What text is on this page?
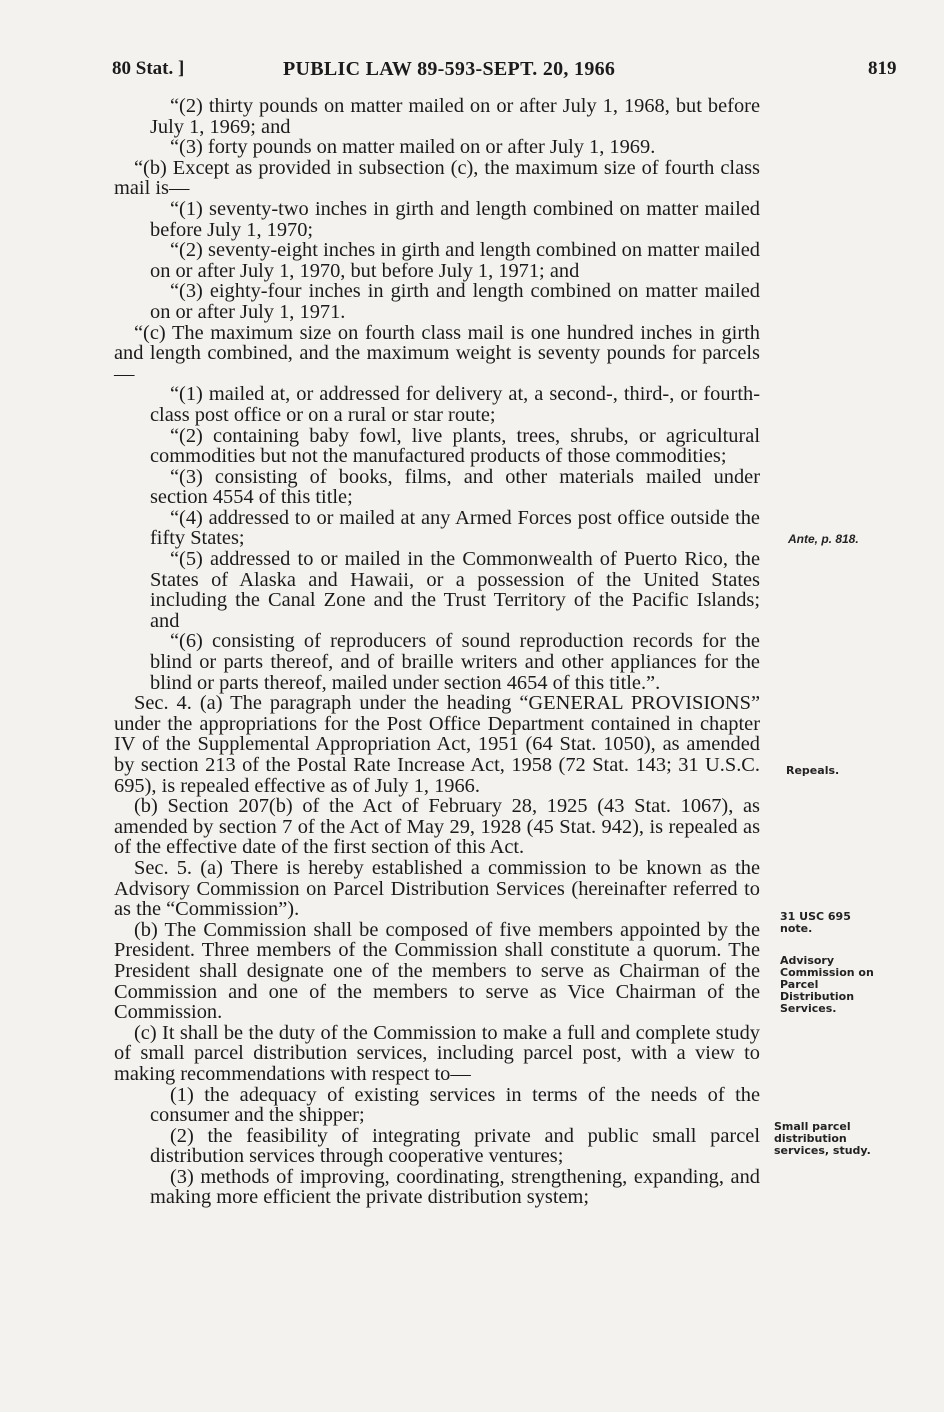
80 Stat. ]	PUBLIC LAW 89-593-SEPT. 20, 1966	819

“(2) thirty pounds on matter mailed on or after July 1, 1968, but before July 1, 1969; and

“(3) forty pounds on matter mailed on or after July 1, 1969.

“(b) Except as provided in subsection (c), the maximum size of fourth class mail is—

“(1) seventy-two inches in girth and length combined on matter mailed before July 1, 1970;

“(2) seventy-eight inches in girth and length combined on matter mailed on or after July 1, 1970, but before July 1, 1971; and

“(3) eighty-four inches in girth and length combined on matter mailed on or after July 1, 1971.

“(c) The maximum size on fourth class mail is one hundred inches in girth and length combined, and the maximum weight is seventy pounds for parcels—

“(1) mailed at, or addressed for delivery at, a second-, third-, or fourth-class post office or on a rural or star route;

“(2) containing baby fowl, live plants, trees, shrubs, or agricultural commodities but not the manufactured products of those commodities;

“(3) consisting of books, films, and other materials mailed under section 4554 of this title;

“(4) addressed to or mailed at any Armed Forces post office outside the fifty States;

“(5) addressed to or mailed in the Commonwealth of Puerto Rico, the States of Alaska and Hawaii, or a possession of the United States including the Canal Zone and the Trust Territory of the Pacific Islands; and

“(6) consisting of reproducers of sound reproduction records for the blind or parts thereof, and of braille writers and other appliances for the blind or parts thereof, mailed under section 4654 of this title.”.

Sec. 4. (a) The paragraph under the heading “GENERAL PROVISIONS” under the appropriations for the Post Office Department contained in chapter IV of the Supplemental Appropriation Act, 1951 (64 Stat. 1050), as amended by section 213 of the Postal Rate Increase Act, 1958 (72 Stat. 143; 31 U.S.C. 695), is repealed effective as of July 1, 1966.

(b) Section 207(b) of the Act of February 28, 1925 (43 Stat. 1067), as amended by section 7 of the Act of May 29, 1928 (45 Stat. 942), is repealed as of the effective date of the first section of this Act.

Sec. 5. (a) There is hereby established a commission to be known as the Advisory Commission on Parcel Distribution Services (hereinafter referred to as the “Commission”).

(b) The Commission shall be composed of five members appointed by the President. Three members of the Commission shall constitute a quorum. The President shall designate one of the members to serve as Chairman of the Commission and one of the members to serve as Vice Chairman of the Commission.

(c) It shall be the duty of the Commission to make a full and complete study of small parcel distribution services, including parcel post, with a view to making recommendations with respect to—

(1) the adequacy of existing services in terms of the needs of the consumer and the shipper;

(2) the feasibility of integrating private and public small parcel distribution services through cooperative ventures;

(3) methods of improving, coordinating, strengthening, expanding, and making more efficient the private distribution system;

Ante, p. 818.
Repeals.
31 USC 695 note.
Advisory Commission on Parcel Distribution Services.
Small parcel distribution services, study.
